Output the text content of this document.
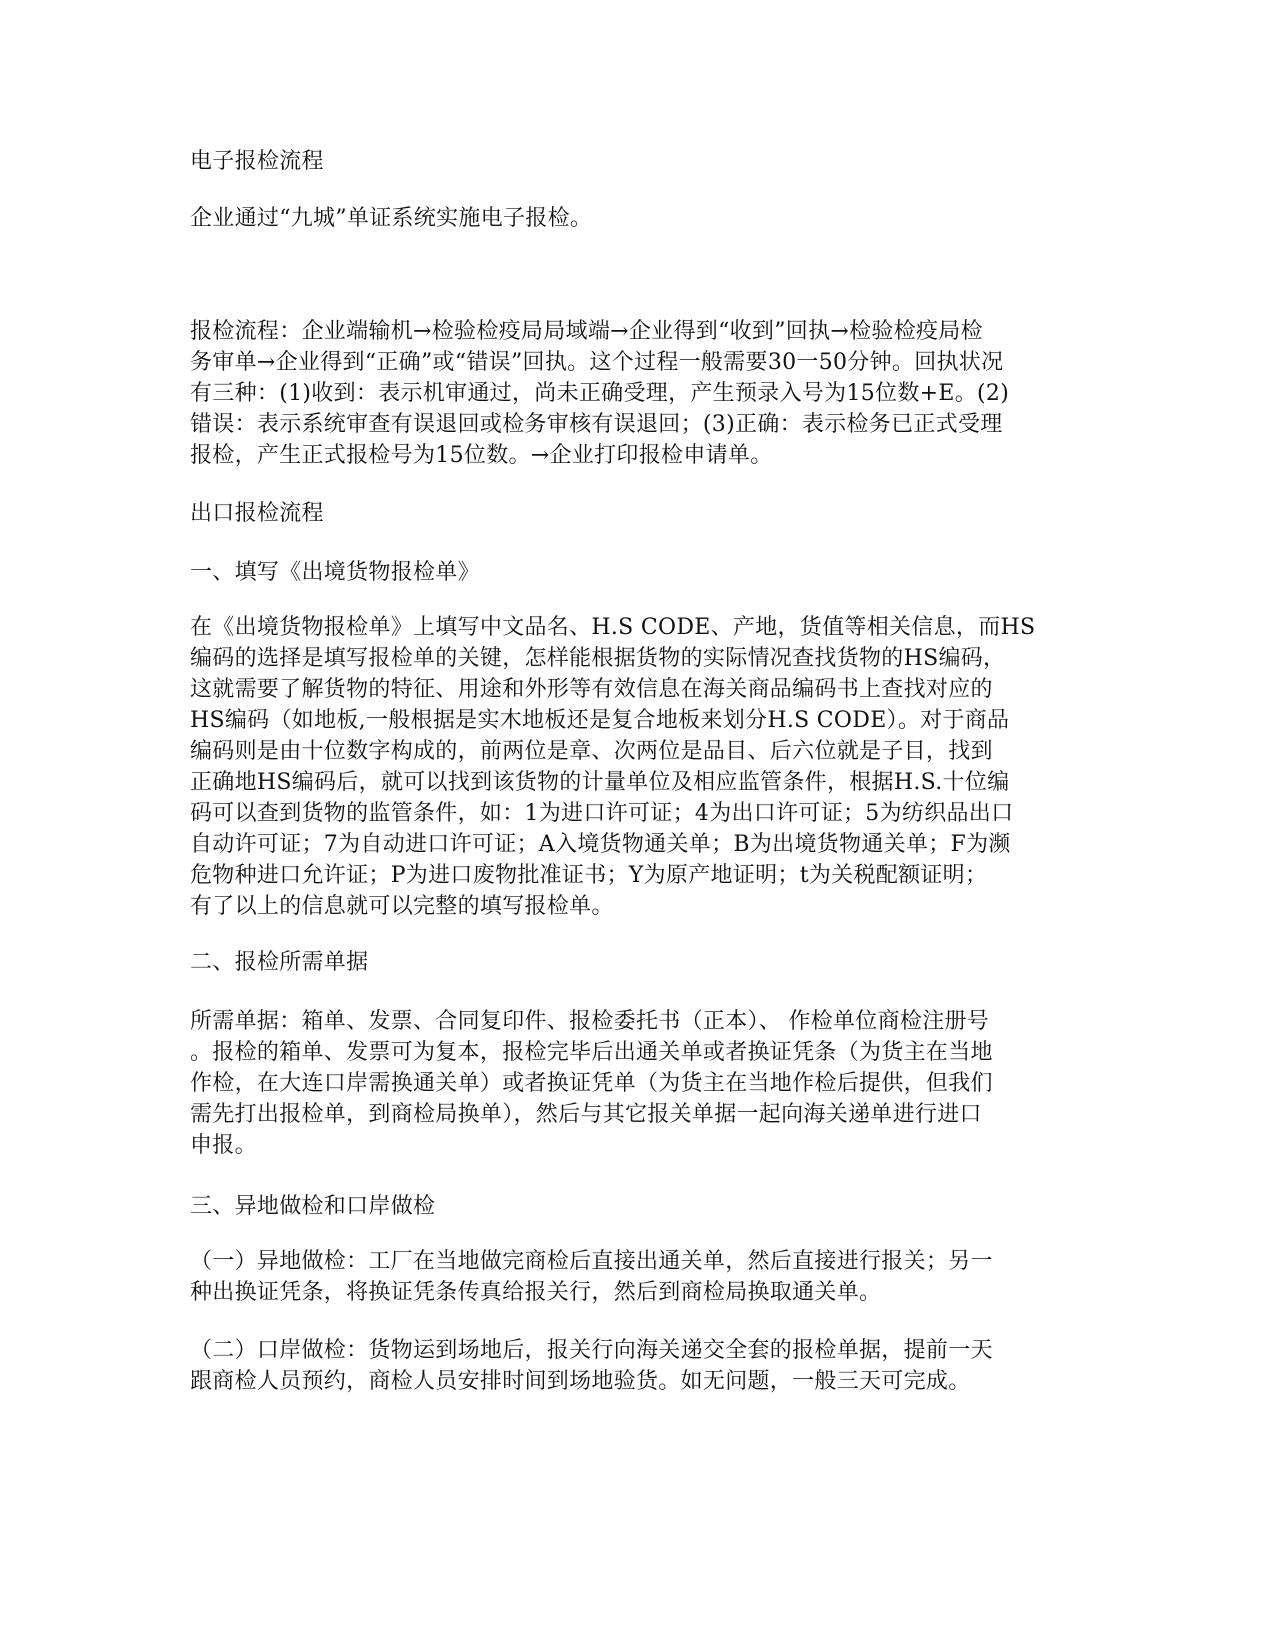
电子报检流程

企业通过“九城”单证系统实施电子报检。

报检流程：企业端输机→检验检疫局局域端→企业得到“收到”回执→检验检疫局检
务审单→企业得到“正确”或“错误”回执。这个过程一般需要30一50分钟。回执状况
有三种：(1)收到：表示机审通过，尚未正确受理，产生预录入号为15位数+E。(2)
错误：表示系统审查有误退回或检务审核有误退回；(3)正确：表示检务已正式受理
报检，产生正式报检号为15位数。→企业打印报检申请单。

出口报检流程

一、填写《出境货物报检单》

在《出境货物报检单》上填写中文品名、H.S CODE、产地，货值等相关信息，而HS
编码的选择是填写报检单的关键，怎样能根据货物的实际情况查找货物的HS编码，
这就需要了解货物的特征、用途和外形等有效信息在海关商品编码书上查找对应的
HS编码（如地板,一般根据是实木地板还是复合地板来划分H.S CODE）。对于商品
编码则是由十位数字构成的，前两位是章、次两位是品目、后六位就是子目，找到
正确地HS编码后，就可以找到该货物的计量单位及相应监管条件，根据H.S.十位编
码可以查到货物的监管条件，如：1为进口许可证；4为出口许可证；5为纺织品出口
自动许可证；7为自动进口许可证；A入境货物通关单；B为出境货物通关单；F为濒
危物种进口允许证；P为进口废物批准证书；Y为原产地证明；t为关税配额证明；
有了以上的信息就可以完整的填写报检单。

二、报检所需单据

所需单据：箱单、发票、合同复印件、报检委托书（正本）、 作检单位商检注册号
。报检的箱单、发票可为复本，报检完毕后出通关单或者换证凭条（为货主在当地
作检，在大连口岸需换通关单）或者换证凭单（为货主在当地作检后提供，但我们
需先打出报检单，到商检局换单），然后与其它报关单据一起向海关递单进行进口
申报。

三、异地做检和口岸做检

（一）异地做检：工厂在当地做完商检后直接出通关单，然后直接进行报关；另一
种出换证凭条，将换证凭条传真给报关行，然后到商检局换取通关单。

（二）口岸做检：货物运到场地后，报关行向海关递交全套的报检单据，提前一天
跟商检人员预约，商检人员安排时间到场地验货。如无问题，一般三天可完成。
